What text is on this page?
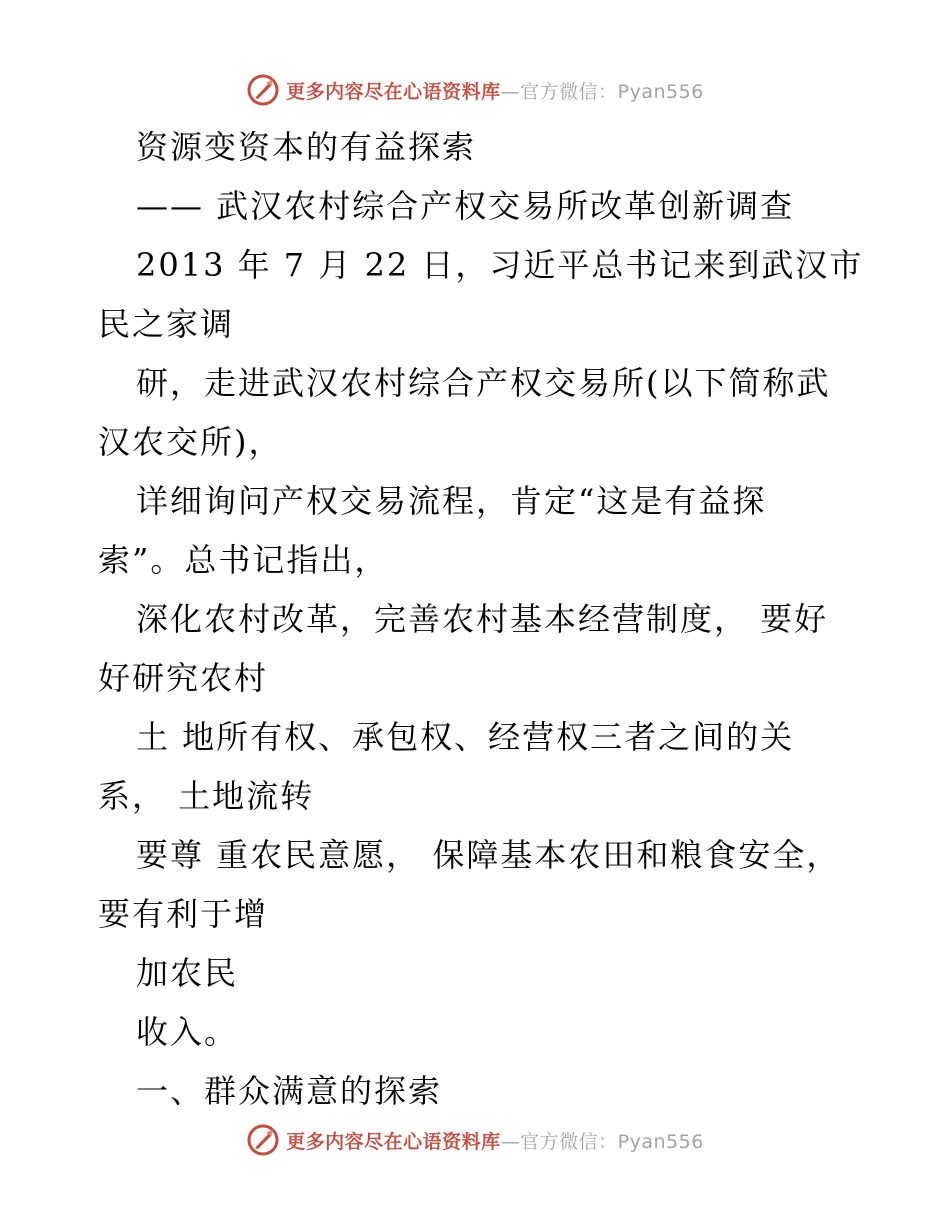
更多内容尽在心语资料库—官方微信：Pyan556
资源变资本的有益探索
—— 武汉农村综合产权交易所改革创新调查
2013 年 7 月 22 日，习近平总书记来到武汉市
民之家调
研，走进武汉农村综合产权交易所(以下简称武
汉农交所)，
详细询问产权交易流程，肯定“这是有益探
索”。总书记指出，
深化农村改革，完善农村基本经营制度， 要好
好研究农村
土 地所有权、承包权、经营权三者之间的关
系， 土地流转
要尊 重农民意愿， 保障基本农田和粮食安全，
要有利于增
加农民
收入。
一、群众满意的探索
更多内容尽在心语资料库—官方微信：Pyan556
